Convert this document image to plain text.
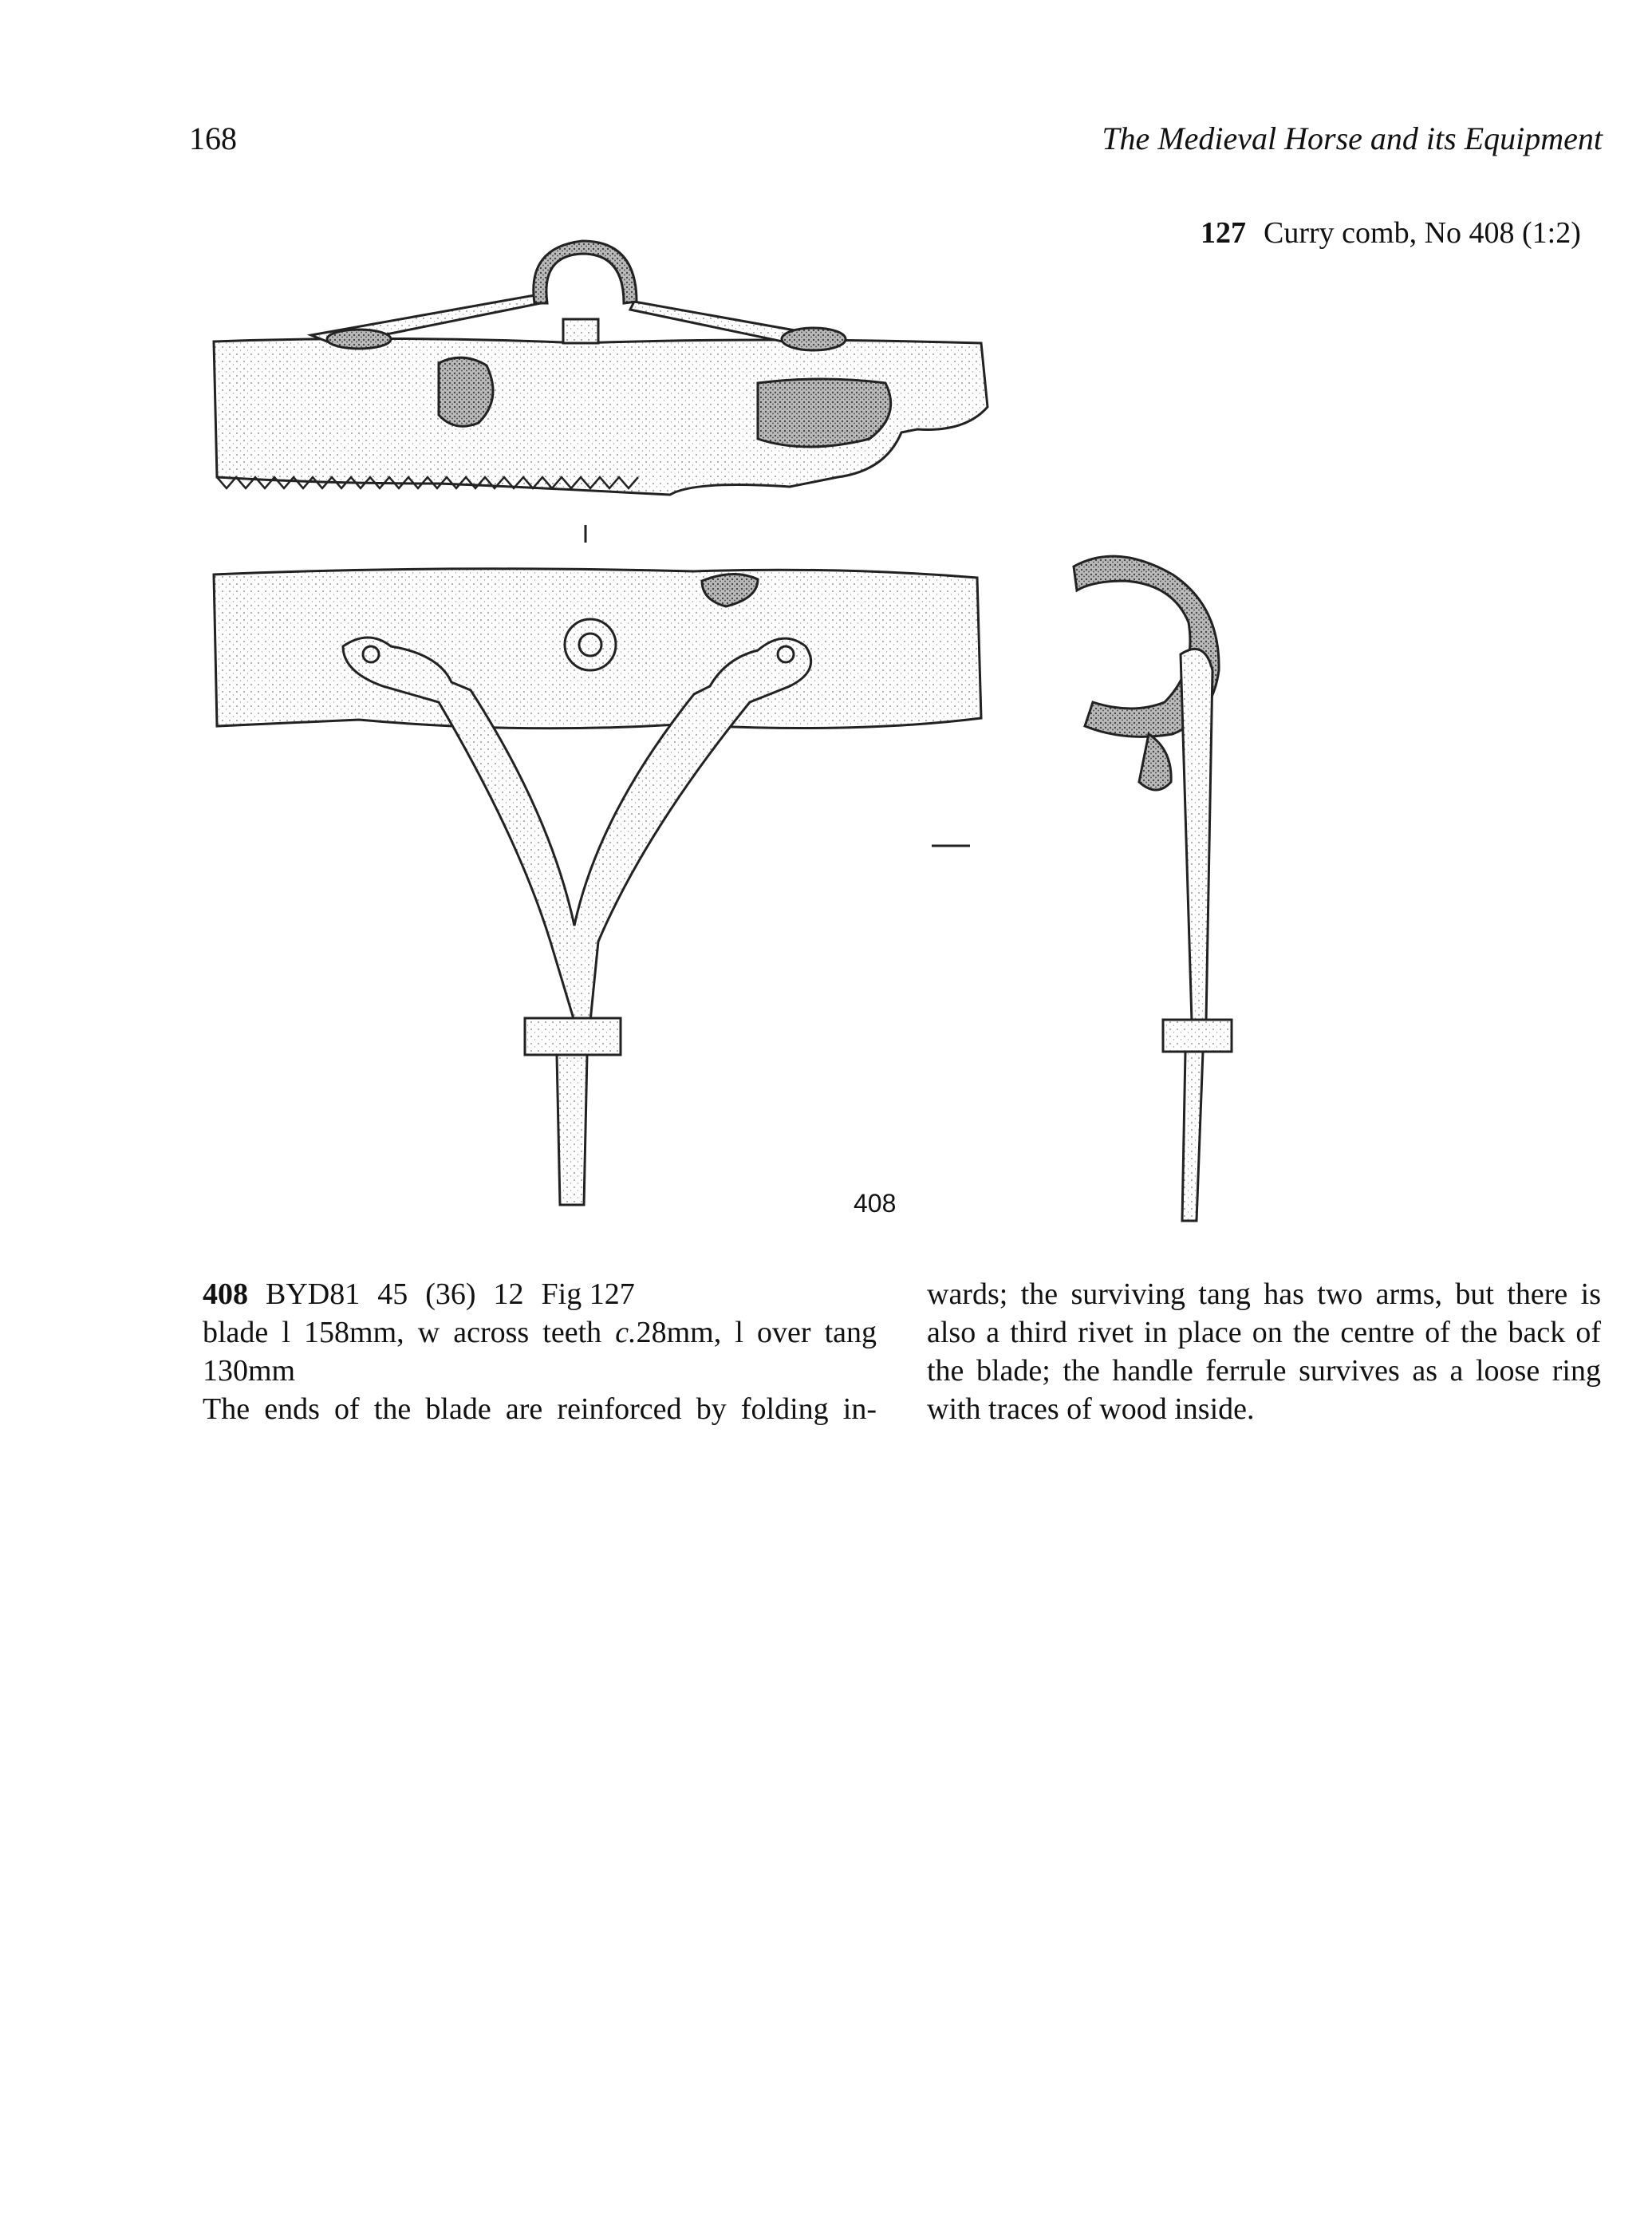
168	The Medieval Horse and its Equipment
127 Curry comb, No 408 (1:2)
408
408 BYD81 45 (36) 12 Fig 127
blade l 158mm, w across teeth c.28mm, l over tang
130mm
The ends of the blade are reinforced by folding in-
wards; the surviving tang has two arms, but there is
also a third rivet in place on the centre of the back of
the blade; the handle ferrule survives as a loose ring
with traces of wood inside.
